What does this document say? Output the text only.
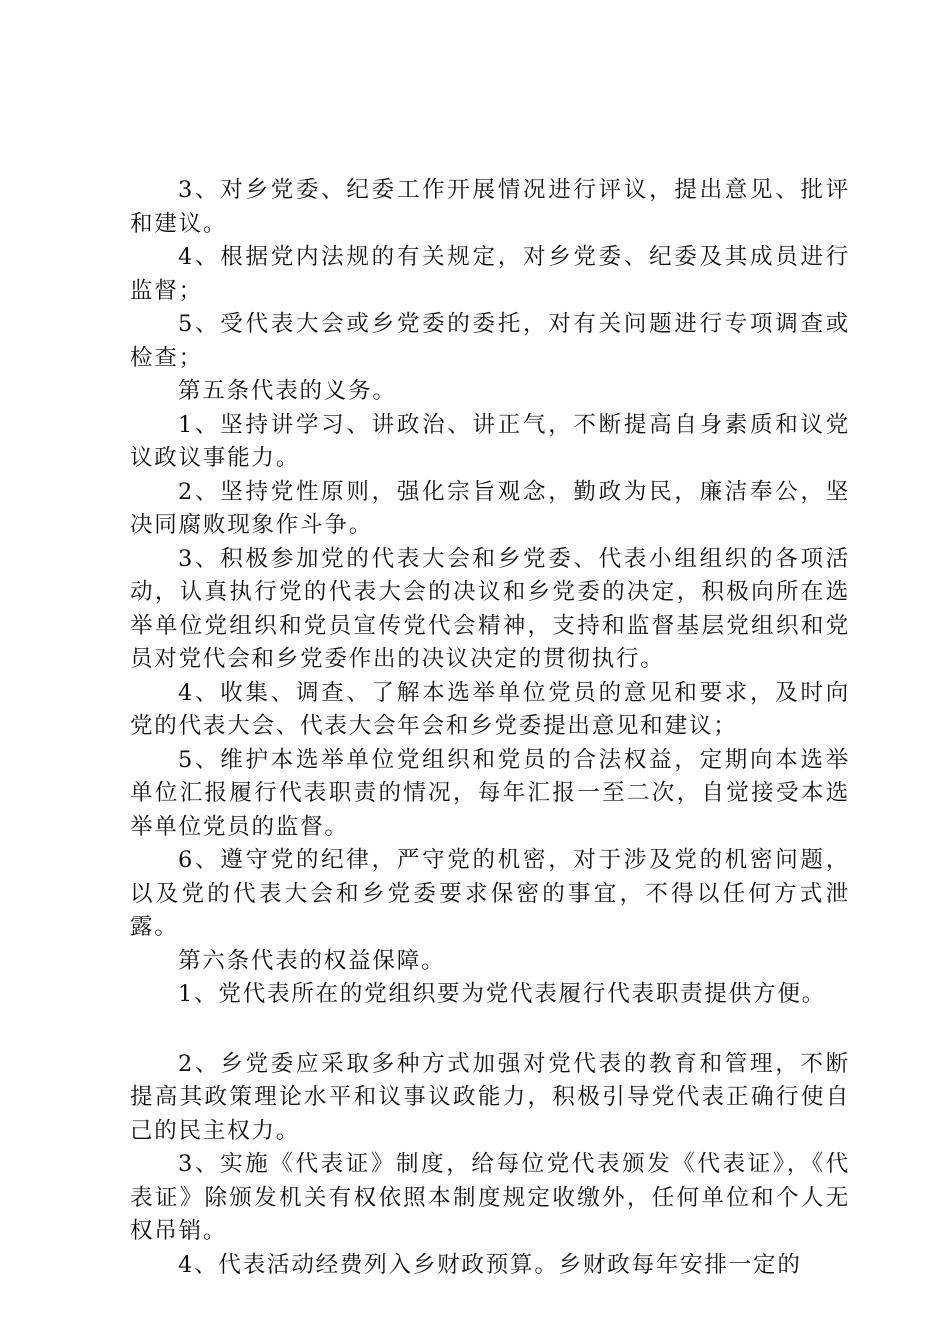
3、对乡党委、纪委工作开展情况进行评议，提出意见、批评和建议。

4、根据党内法规的有关规定，对乡党委、纪委及其成员进行监督；

5、受代表大会或乡党委的委托，对有关问题进行专项调查或检查；

第五条代表的义务。

1、坚持讲学习、讲政治、讲正气，不断提高自身素质和议党议政议事能力。

2、坚持党性原则，强化宗旨观念，勤政为民，廉洁奉公，坚决同腐败现象作斗争。

3、积极参加党的代表大会和乡党委、代表小组组织的各项活动，认真执行党的代表大会的决议和乡党委的决定，积极向所在选举单位党组织和党员宣传党代会精神，支持和监督基层党组织和党员对党代会和乡党委作出的决议决定的贯彻执行。

4、收集、调查、了解本选举单位党员的意见和要求，及时向党的代表大会、代表大会年会和乡党委提出意见和建议；

5、维护本选举单位党组织和党员的合法权益，定期向本选举单位汇报履行代表职责的情况，每年汇报一至二次，自觉接受本选举单位党员的监督。

6、遵守党的纪律，严守党的机密，对于涉及党的机密问题，以及党的代表大会和乡党委要求保密的事宜，不得以任何方式泄露。

第六条代表的权益保障。

1、党代表所在的党组织要为党代表履行代表职责提供方便。

2、乡党委应采取多种方式加强对党代表的教育和管理，不断提高其政策理论水平和议事议政能力，积极引导党代表正确行使自己的民主权力。

3、实施《代表证》制度，给每位党代表颁发《代表证》，《代表证》除颁发机关有权依照本制度规定收缴外，任何单位和个人无权吊销。

4、代表活动经费列入乡财政预算。乡财政每年安排一定的
